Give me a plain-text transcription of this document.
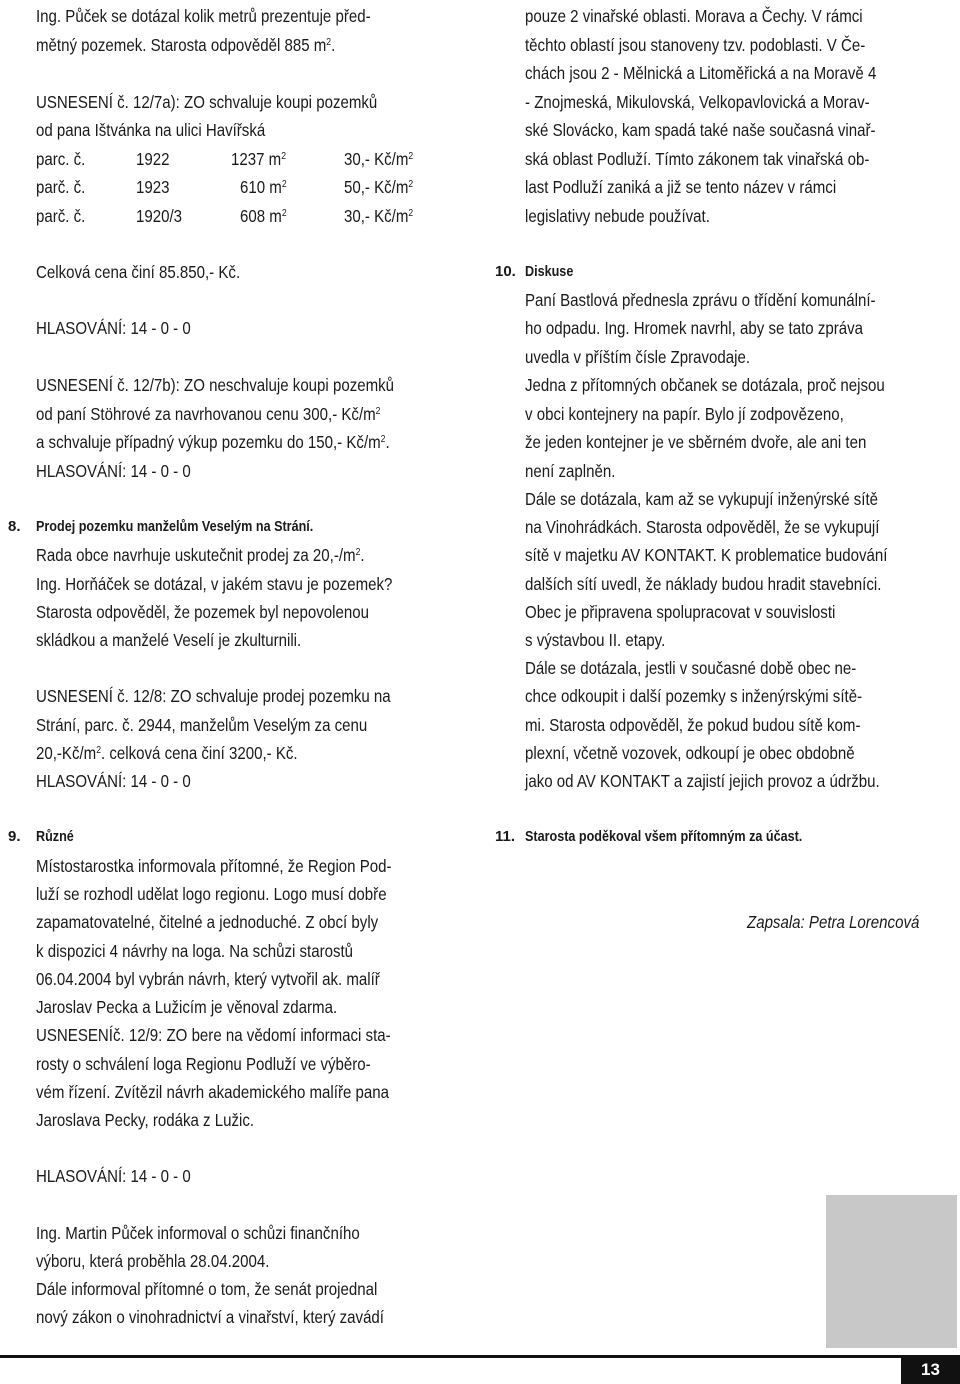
Ing. Půček se dotázal kolik metrů prezentuje před-
mětný pozemek. Starosta odpověděl 885 $m^2$.
USNESENÍ č. 12/7a): ZO schvaluje koupi pozemků
od pana Ištvánka na ulici Havířská
parc. č.	1922	1237 $m^2$	30,- $Kč/m^2$
parč. č.	1923	610 $m^2$	50,- $Kč/m^2$
parč. č.	1920/3	608 $m^2$	30,- $Kč/m^2$
Celková cena činí 85.850,- Kč.
HLASOVÁNÍ: 14 - 0 - 0
USNESENÍ č. 12/7b): ZO neschvaluje koupi pozemků
od paní Stöhrové za navrhovanou cenu 300,- $Kč/m^2$
a schvaluje případný výkup pozemku do 150,- $Kč/m^2$.
HLASOVÁNÍ: 14 - 0 - 0
8. Prodej pozemku manželům Veselým na Strání.
Rada obce navrhuje uskutečnit prodej za $20,-/m^2$.
Ing. Horňáček se dotázal, v jakém stavu je pozemek?
Starosta odpověděl, že pozemek byl nepovolenou
skládkou a manželé Veselí je zkulturnili.
USNESENÍ č. 12/8: ZO schvaluje prodej pozemku na
Strání, parc. č. 2944, manželům Veselým za cenu
$20,-Kč/m^2$. celková cena činí 3200,- Kč.
HLASOVÁNÍ: 14 - 0 - 0
9. Různé
Místostarostka informovala přítomné, že Region Pod-
luží se rozhodl udělat logo regionu. Logo musí dobře
zapamatovatelné, čitelné a jednoduché. Z obcí byly
k dispozici 4 návrhy na loga. Na schůzi starostů
06.04.2004 byl vybrán návrh, který vytvořil ak. malíř
Jaroslav Pecka a Lužicím je věnoval zdarma.
USNESENÍč. 12/9: ZO bere na vědomí informaci sta-
rosty o schválení loga Regionu Podluží ve výběro-
vém řízení. Zvítězil návrh akademického malíře pana
Jaroslava Pecky, rodáka z Lužic.
HLASOVÁNÍ: 14 - 0 - 0
Ing. Martin Půček informoval o schůzi finančního
výboru, která proběhla 28.04.2004.
Dále informoval přítomné o tom, že senát projednal
nový zákon o vinohradnictví a vinařství, který zavádí
pouze 2 vinařské oblasti. Morava a Čechy. V rámci
těchto oblastí jsou stanoveny tzv. podoblasti. V Če-
chách jsou 2 - Mělnická a Litoměřická a na Moravě 4
- Znojmeská, Mikulovská, Velkopavlovická a Morav-
ské Slovácko, kam spadá také naše současná vinař-
ská oblast Podluží. Tímto zákonem tak vinařská ob-
last Podluží zaniká a již se tento název v rámci
legislativy nebude používat.
10. Diskuse
Paní Bastlová přednesla zprávu o třídění komunální-
ho odpadu. Ing. Hromek navrhl, aby se tato zpráva
uvedla v příštím čísle Zpravodaje.
Jedna z přítomných občanek se dotázala, proč nejsou
v obci kontejnery na papír. Bylo jí zodpovězeno,
že jeden kontejner je ve sběrném dvoře, ale ani ten
není zaplněn.
Dále se dotázala, kam až se vykupují inženýrské sítě
na Vinohrádkách. Starosta odpověděl, že se vykupují
sítě v majetku AV KONTAKT. K problematice budování
dalších sítí uvedl, že náklady budou hradit stavebníci.
Obec je připravena spolupracovat v souvislosti
s výstavbou II. etapy.
Dále se dotázala, jestli v současné době obec ne-
chce odkoupit i další pozemky s inženýrskými sítě-
mi. Starosta odpověděl, že pokud budou sítě kom-
plexní, včetně vozovek, odkoupí je obec obdobně
jako od AV KONTAKT a zajistí jejich provoz a údržbu.
11. Starosta poděkoval všem přítomným za účast.
Zapsala: Petra Lorencová
13
